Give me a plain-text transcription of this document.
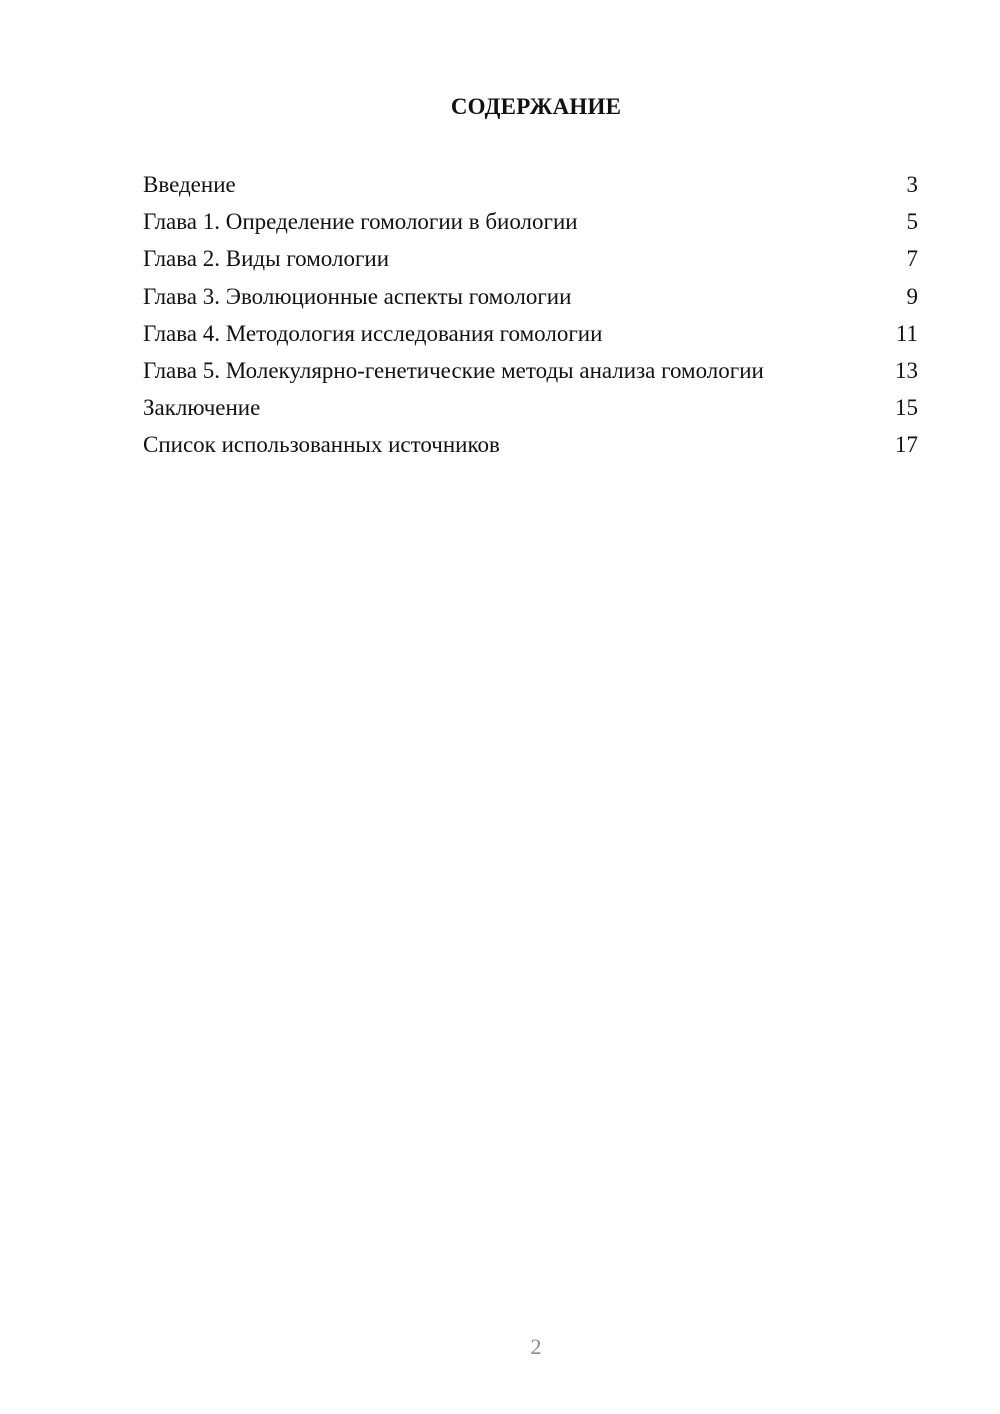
СОДЕРЖАНИЕ
Введение	3
Глава 1. Определение гомологии в биологии	5
Глава 2. Виды гомологии	7
Глава 3. Эволюционные аспекты гомологии	9
Глава 4. Методология исследования гомологии	11
Глава 5. Молекулярно-генетические методы анализа гомологии	13
Заключение	15
Список использованных источников	17
2
